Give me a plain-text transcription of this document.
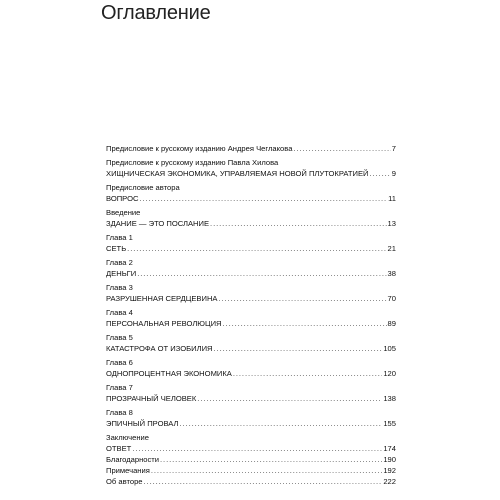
Оглавление
Предисловие к русскому изданию Андрея Чеглакова . . .	7
Предисловие к русскому изданию Павла Хилова
ХИЩНИЧЕСКАЯ ЭКОНОМИКА, УПРАВЛЯЕМАЯ НОВОЙ ПЛУТОКРАТИЕЙ . . .	9
Предисловие автора
ВОПРОС . . .	11
Введение
ЗДАНИЕ — ЭТО ПОСЛАНИЕ . . .	13
Глава 1
СЕТЬ . . .	21
Глава 2
ДЕНЬГИ . . .	38
Глава 3
РАЗРУШЕННАЯ СЕРДЦЕВИНА . . .	70
Глава 4
ПЕРСОНАЛЬНАЯ РЕВОЛЮЦИЯ . . .	89
Глава 5
КАТАСТРОФА ОТ ИЗОБИЛИЯ . . .	105
Глава 6
ОДНОПРОЦЕНТНАЯ ЭКОНОМИКА . . .	120
Глава 7
ПРОЗРАЧНЫЙ ЧЕЛОВЕК . . .	138
Глава 8
ЭПИЧНЫЙ ПРОВАЛ . . .	155
Заключение
ОТВЕТ . . .	174
Благодарности . . .	190
Примечания . . .	192
Об авторе . . .	222
